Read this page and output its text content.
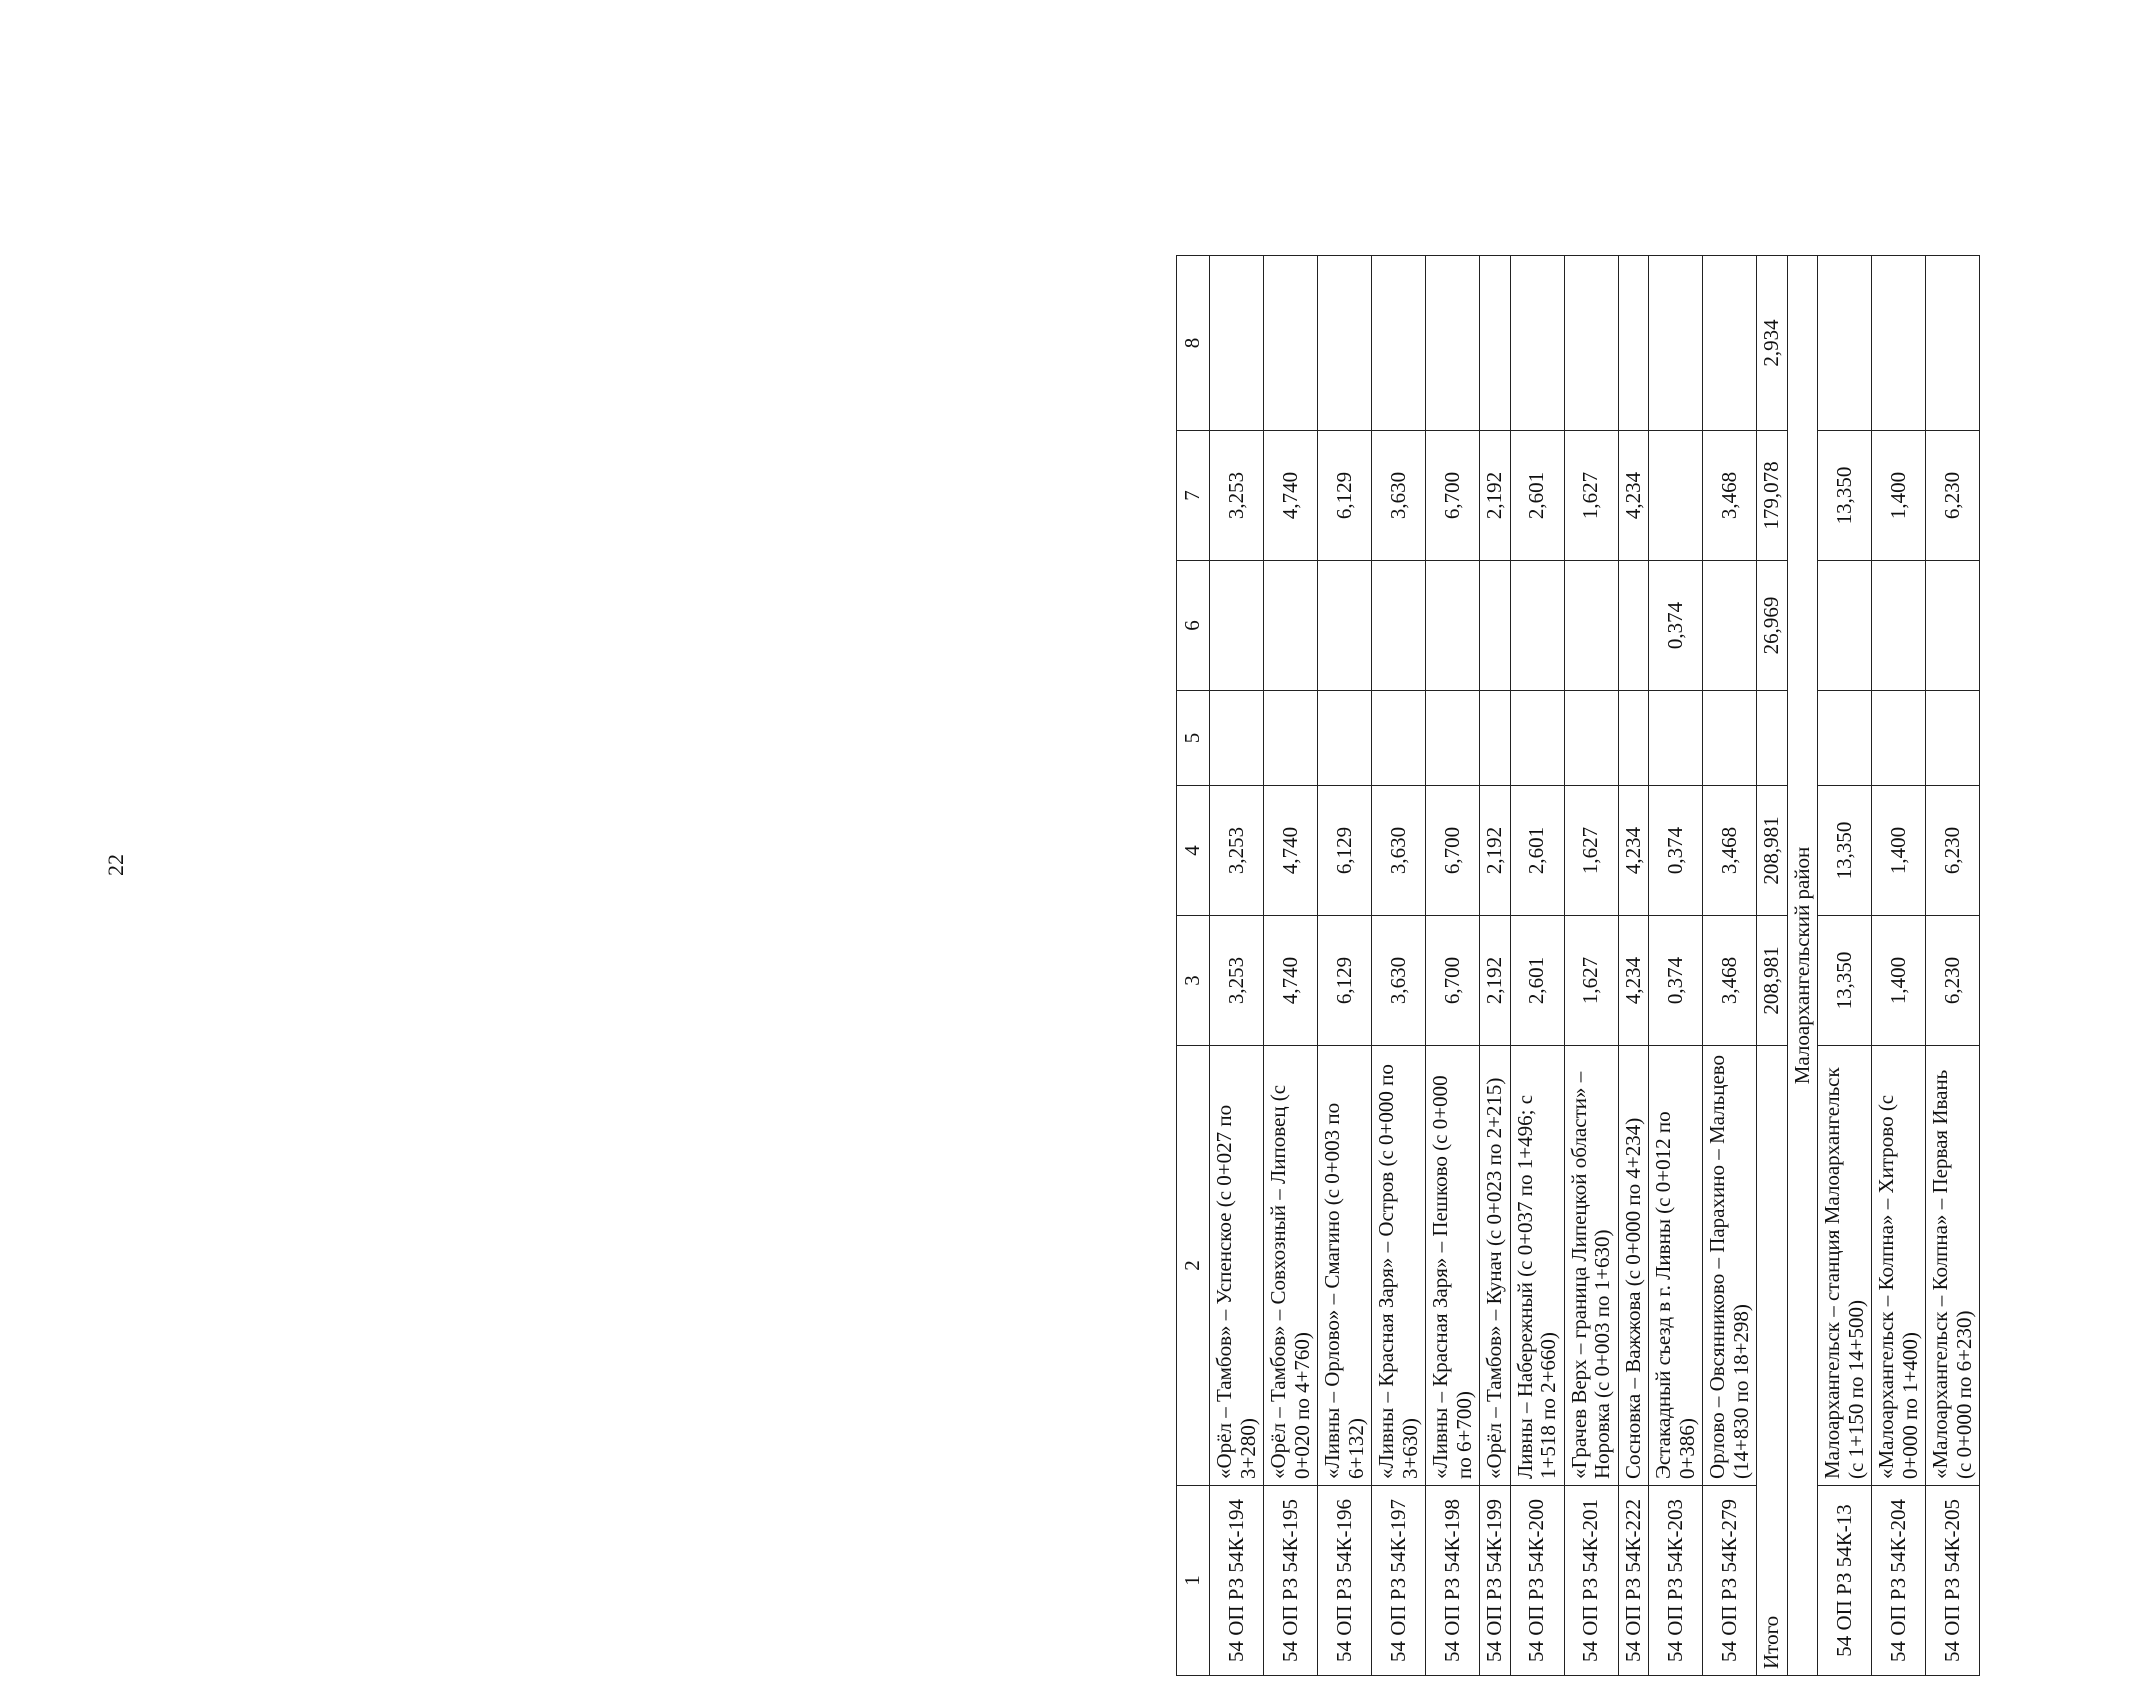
22
1	2	3	4	5	6	7	8
54 ОП РЗ 54К-194	«Орёл – Тамбов» – Успенское (с 0+027 по 3+280)	3,253	3,253			3,253	
54 ОП РЗ 54К-195	«Орёл – Тамбов» – Совхозный – Липовец (с 0+020 по 4+760)	4,740	4,740			4,740	
54 ОП РЗ 54К-196	«Ливны – Орлово» – Смагино (с 0+003 по 6+132)	6,129	6,129			6,129	
54 ОП РЗ 54К-197	«Ливны – Красная Заря» – Остров (с 0+000 по 3+630)	3,630	3,630			3,630	
54 ОП РЗ 54К-198	«Ливны – Красная Заря» – Пешково (с 0+000 по 6+700)	6,700	6,700			6,700	
54 ОП РЗ 54К-199	«Орёл – Тамбов» – Кунач (с 0+023 по 2+215)	2,192	2,192			2,192	
54 ОП РЗ 54К-200	Ливны – Набережный (с 0+037 по 1+496; с 1+518 по 2+660)	2,601	2,601			2,601	
54 ОП РЗ 54К-201	«Грачев Верх – граница Липецкой области» – Норовка (с 0+003 по 1+630)	1,627	1,627			1,627	
54 ОП РЗ 54К-222	Сосновка – Важжова (с 0+000 по 4+234)	4,234	4,234			4,234	
54 ОП РЗ 54К-203	Эстакадный съезд в г. Ливны (с 0+012 по 0+386)	0,374	0,374		0,374		
54 ОП РЗ 54К-279	Орлово – Овсянниково – Парахино – Мальцево (14+830 по 18+298)	3,468	3,468			3,468	
Итого		208,981	208,981		26,969	179,078	2,934
Малоархангельский район							
54 ОП РЗ 54К-13	Малоархангельск – станция Малоархангельск (с 1+150 по 14+500)	13,350	13,350			13,350	
54 ОП РЗ 54К-204	«Малоархангельск – Колпна» – Хитрово (с 0+000 по 1+400)	1,400	1,400			1,400	
54 ОП РЗ 54К-205	«Малоархангельск – Колпна» – Первая Ивань (с 0+000 по 6+230)	6,230	6,230			6,230	
